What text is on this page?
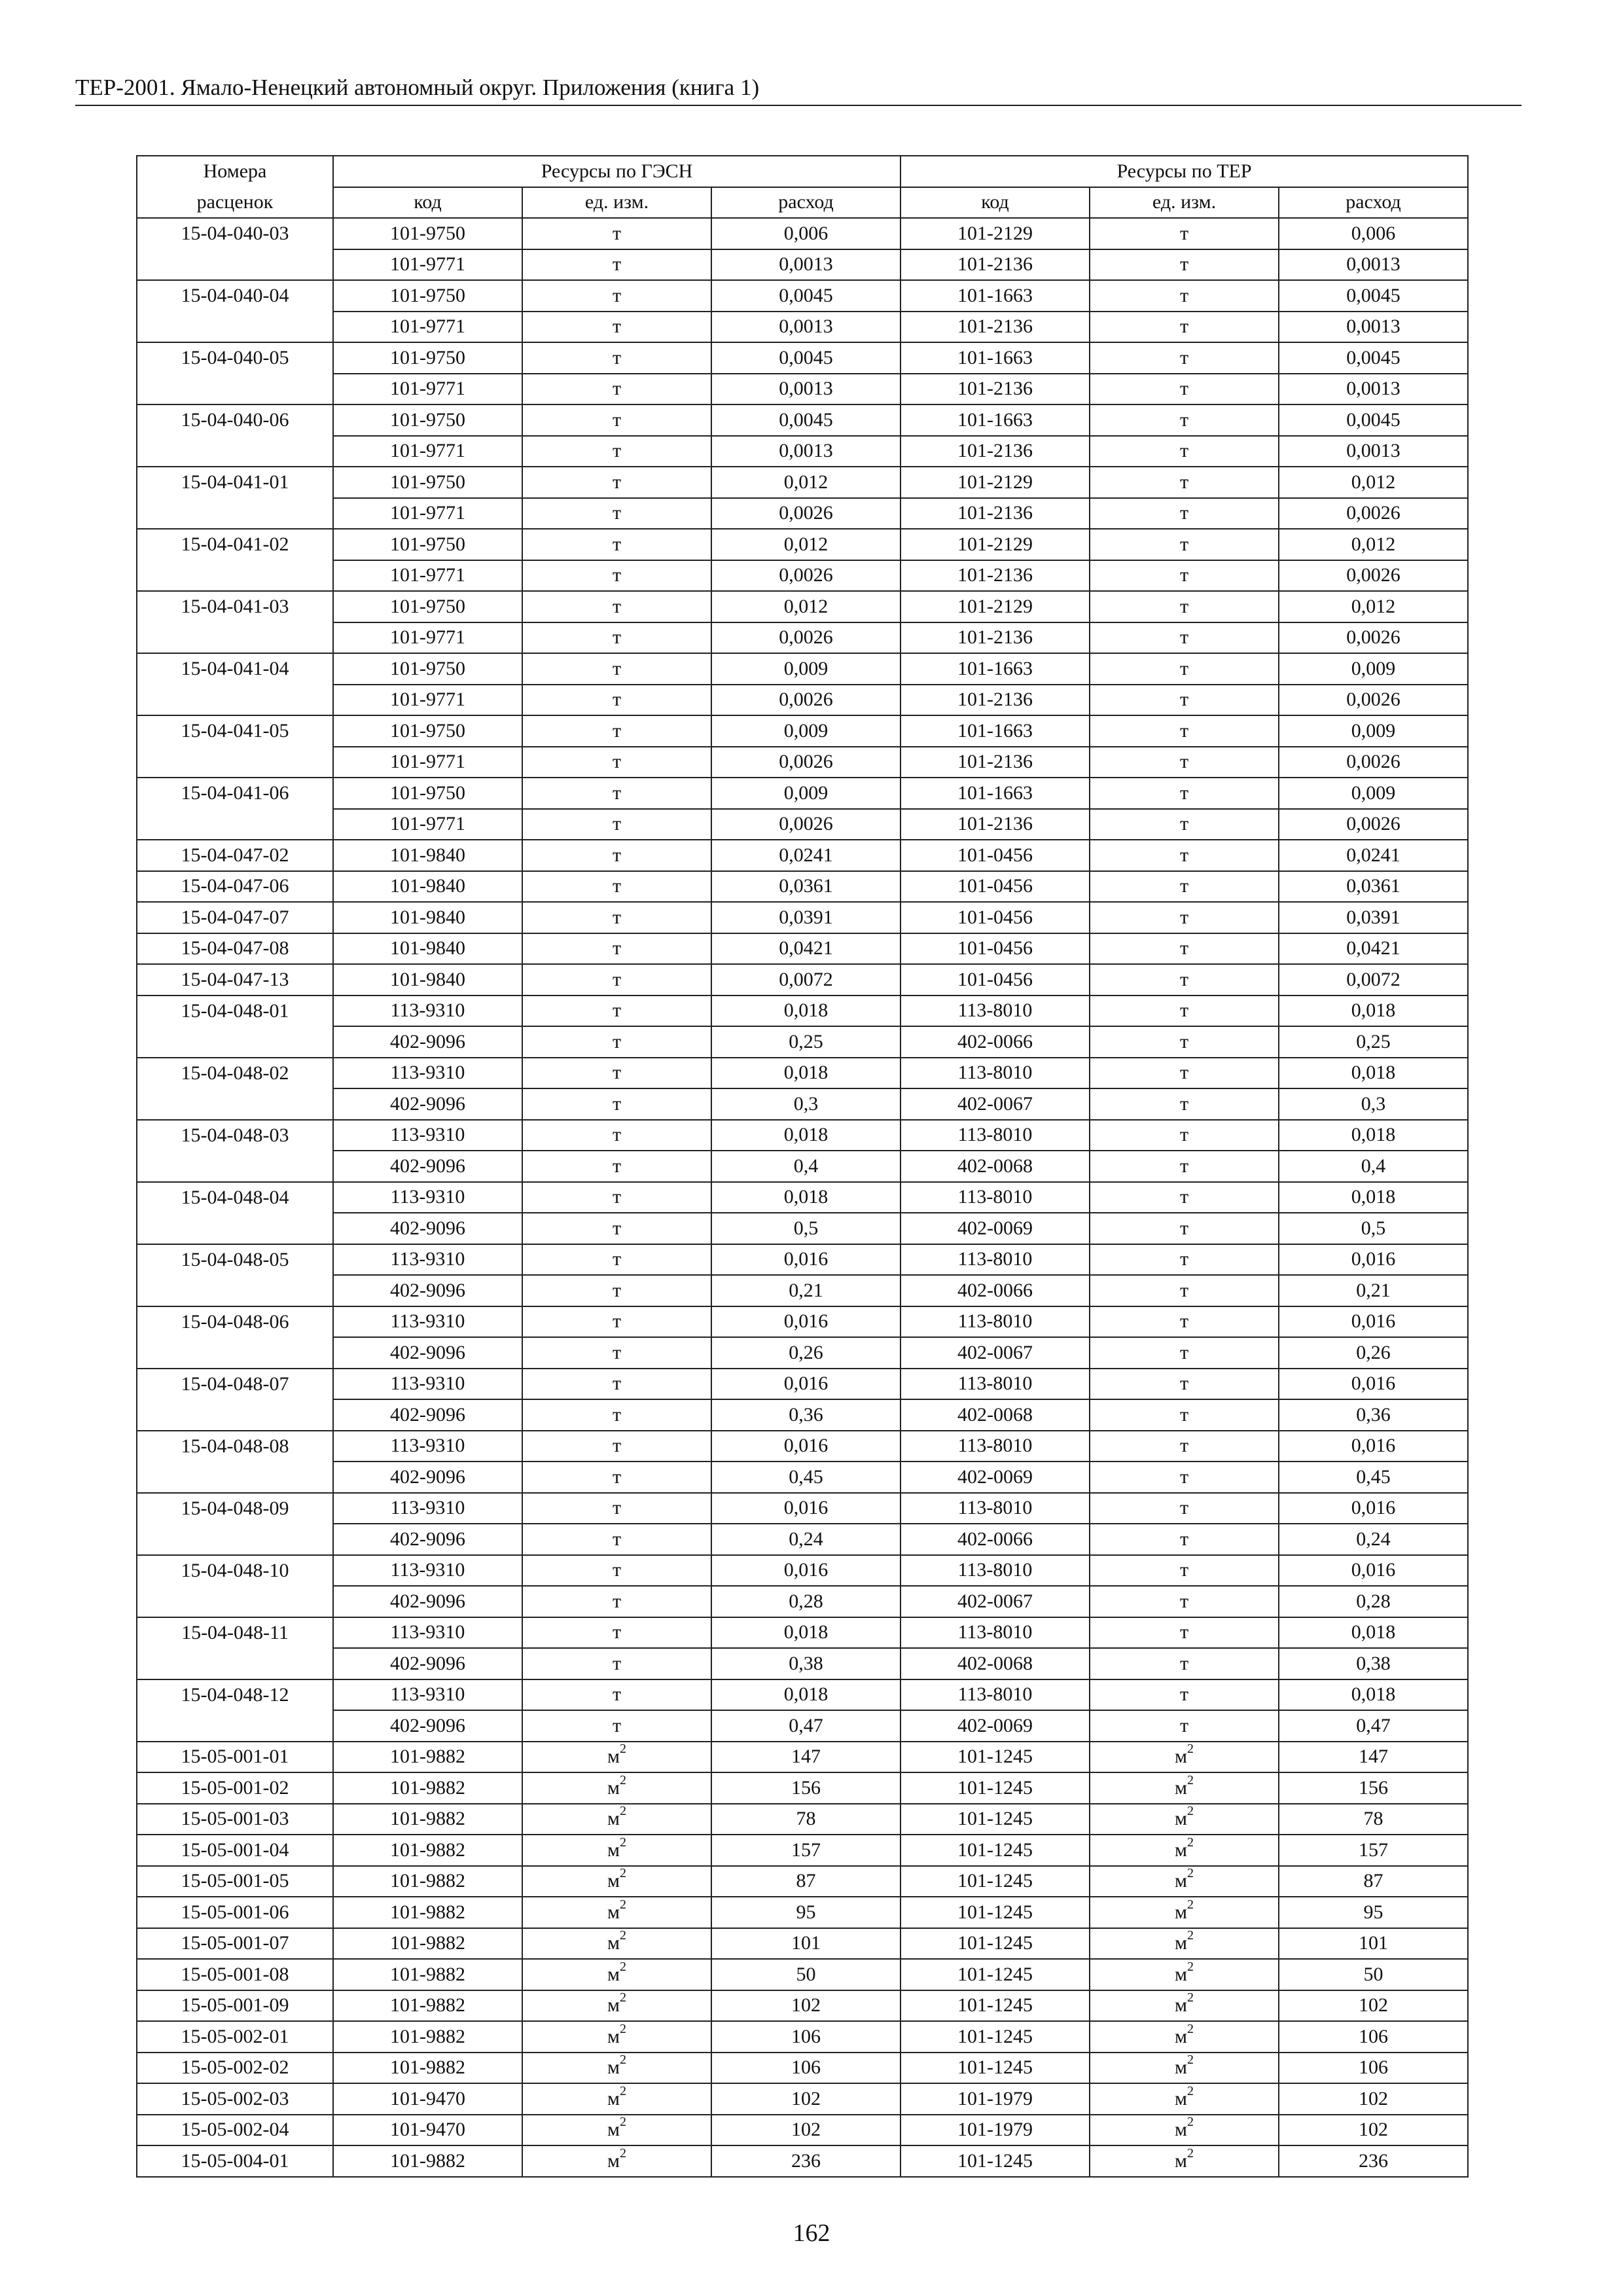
ТЕР-2001. Ямало-Ненецкий автономный округ. Приложения (книга 1)
Номера	Ресурсы по ГЭСН			Ресурсы по ТЕР		
расценок	код	ед. изм.	расход	код	ед. изм.	расход
15-04-040-03	101-9750	т	0,006	101-2129	т	0,006
	101-9771	т	0,0013	101-2136	т	0,0013
15-04-040-04	101-9750	т	0,0045	101-1663	т	0,0045
	101-9771	т	0,0013	101-2136	т	0,0013
15-04-040-05	101-9750	т	0,0045	101-1663	т	0,0045
	101-9771	т	0,0013	101-2136	т	0,0013
15-04-040-06	101-9750	т	0,0045	101-1663	т	0,0045
	101-9771	т	0,0013	101-2136	т	0,0013
15-04-041-01	101-9750	т	0,012	101-2129	т	0,012
	101-9771	т	0,0026	101-2136	т	0,0026
15-04-041-02	101-9750	т	0,012	101-2129	т	0,012
	101-9771	т	0,0026	101-2136	т	0,0026
15-04-041-03	101-9750	т	0,012	101-2129	т	0,012
	101-9771	т	0,0026	101-2136	т	0,0026
15-04-041-04	101-9750	т	0,009	101-1663	т	0,009
	101-9771	т	0,0026	101-2136	т	0,0026
15-04-041-05	101-9750	т	0,009	101-1663	т	0,009
	101-9771	т	0,0026	101-2136	т	0,0026
15-04-041-06	101-9750	т	0,009	101-1663	т	0,009
	101-9771	т	0,0026	101-2136	т	0,0026
15-04-047-02	101-9840	т	0,0241	101-0456	т	0,0241
15-04-047-06	101-9840	т	0,0361	101-0456	т	0,0361
15-04-047-07	101-9840	т	0,0391	101-0456	т	0,0391
15-04-047-08	101-9840	т	0,0421	101-0456	т	0,0421
15-04-047-13	101-9840	т	0,0072	101-0456	т	0,0072
15-04-048-01	113-9310	т	0,018	113-8010	т	0,018
	402-9096	т	0,25	402-0066	т	0,25
15-04-048-02	113-9310	т	0,018	113-8010	т	0,018
	402-9096	т	0,3	402-0067	т	0,3
15-04-048-03	113-9310	т	0,018	113-8010	т	0,018
	402-9096	т	0,4	402-0068	т	0,4
15-04-048-04	113-9310	т	0,018	113-8010	т	0,018
	402-9096	т	0,5	402-0069	т	0,5
15-04-048-05	113-9310	т	0,016	113-8010	т	0,016
	402-9096	т	0,21	402-0066	т	0,21
15-04-048-06	113-9310	т	0,016	113-8010	т	0,016
	402-9096	т	0,26	402-0067	т	0,26
15-04-048-07	113-9310	т	0,016	113-8010	т	0,016
	402-9096	т	0,36	402-0068	т	0,36
15-04-048-08	113-9310	т	0,016	113-8010	т	0,016
	402-9096	т	0,45	402-0069	т	0,45
15-04-048-09	113-9310	т	0,016	113-8010	т	0,016
	402-9096	т	0,24	402-0066	т	0,24
15-04-048-10	113-9310	т	0,016	113-8010	т	0,016
	402-9096	т	0,28	402-0067	т	0,28
15-04-048-11	113-9310	т	0,018	113-8010	т	0,018
	402-9096	т	0,38	402-0068	т	0,38
15-04-048-12	113-9310	т	0,018	113-8010	т	0,018
	402-9096	т	0,47	402-0069	т	0,47
15-05-001-01	101-9882	$м^2$	147	101-1245	$м^2$	147
15-05-001-02	101-9882	$м^2$	156	101-1245	$м^2$	156
15-05-001-03	101-9882	$м^2$	78	101-1245	$м^2$	78
15-05-001-04	101-9882	$м^2$	157	101-1245	$м^2$	157
15-05-001-05	101-9882	$м^2$	87	101-1245	$м^2$	87
15-05-001-06	101-9882	$м^2$	95	101-1245	$м^2$	95
15-05-001-07	101-9882	$м^2$	101	101-1245	$м^2$	101
15-05-001-08	101-9882	$м^2$	50	101-1245	$м^2$	50
15-05-001-09	101-9882	$м^2$	102	101-1245	$м^2$	102
15-05-002-01	101-9882	$м^2$	106	101-1245	$м^2$	106
15-05-002-02	101-9882	$м^2$	106	101-1245	$м^2$	106
15-05-002-03	101-9470	$м^2$	102	101-1979	$м^2$	102
15-05-002-04	101-9470	$м^2$	102	101-1979	$м^2$	102
15-05-004-01	101-9882	$м^2$	236	101-1245	$м^2$	236
162
